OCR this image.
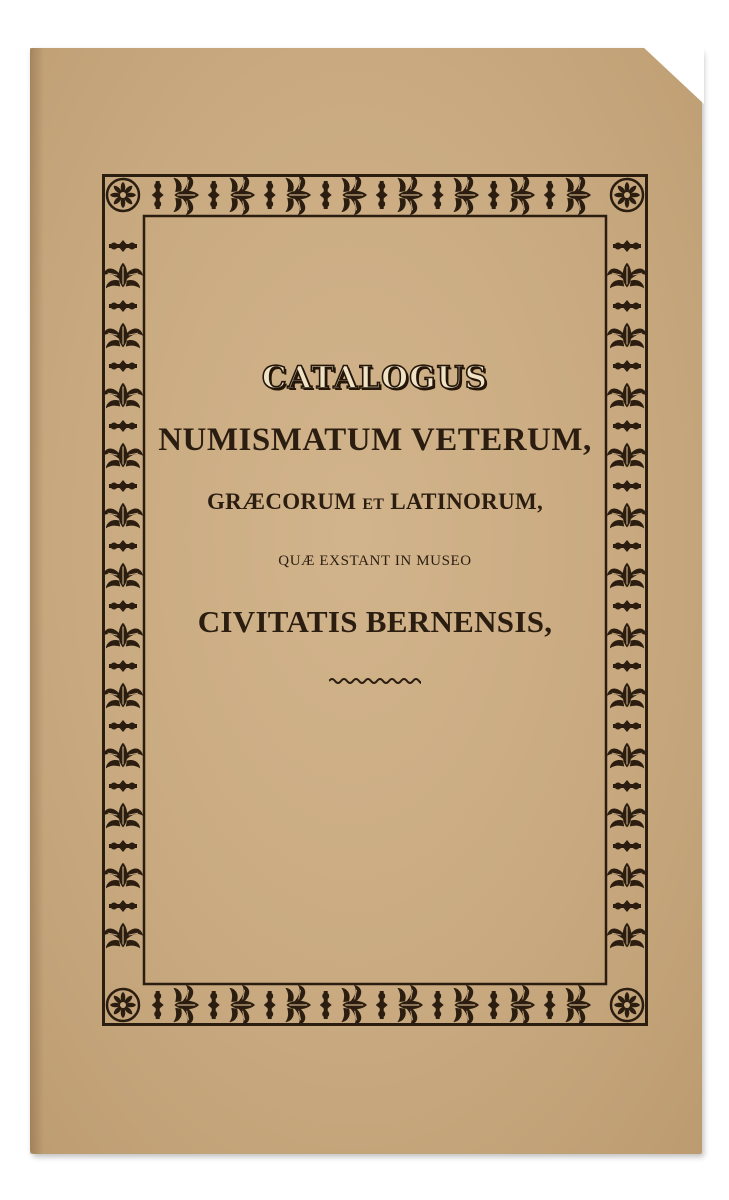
CATALOGUS
NUMISMATUM VETERUM,
GRÆCORUM ET LATINORUM,
QUÆ EXSTANT IN MUSEO
CIVITATIS BERNENSIS,
